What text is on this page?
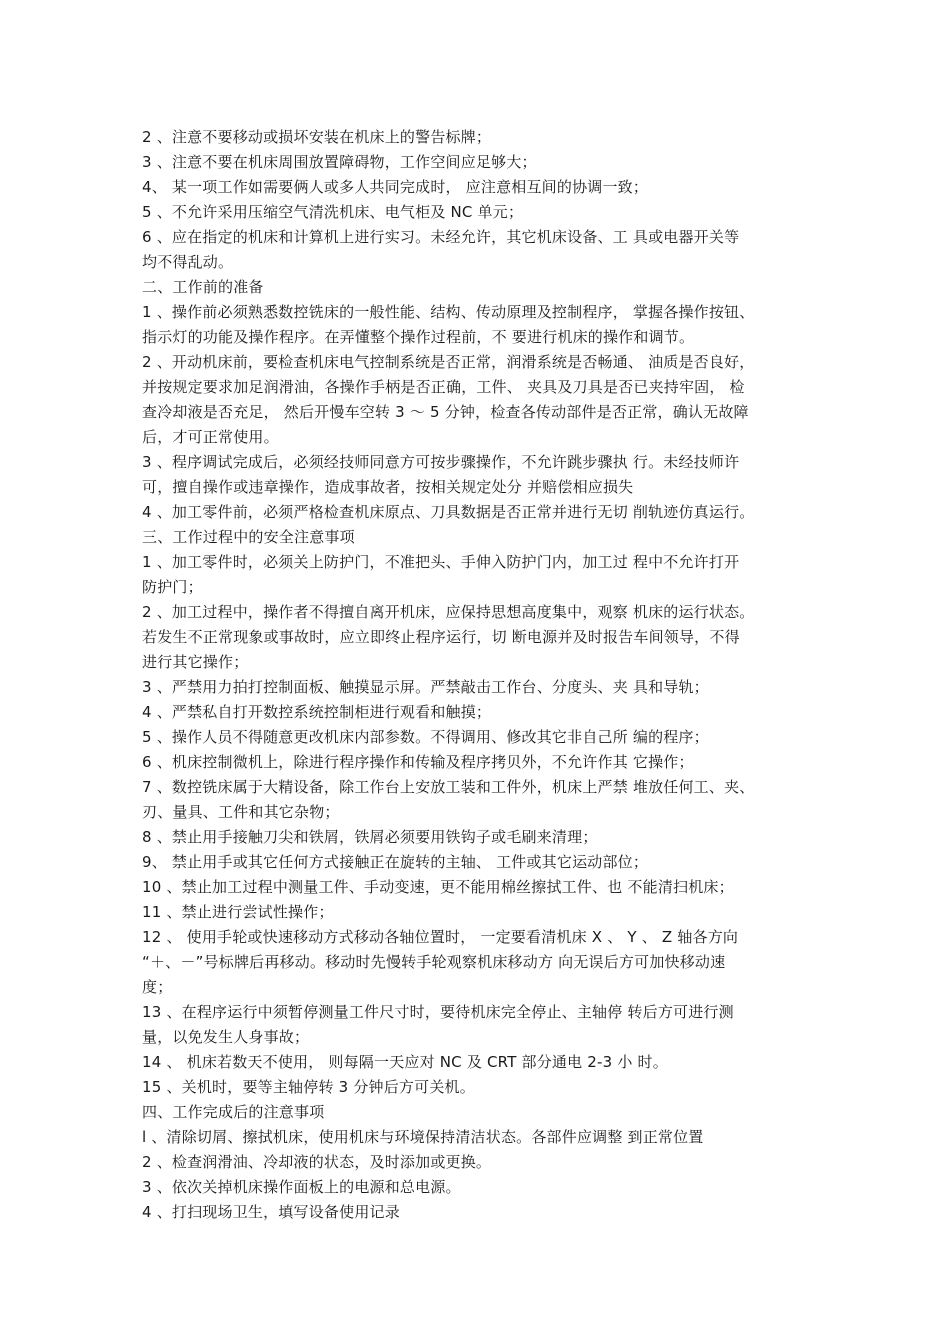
2 、注意不要移动或损坏安装在机床上的警告标牌；

3 、注意不要在机床周围放置障碍物，工作空间应足够大；

4、 某一项工作如需要俩人或多人共同完成时， 应注意相互间的协调一致；

5 、不允许采用压缩空气清洗机床、电气柜及 NC 单元；

6 、应在指定的机床和计算机上进行实习。未经允许，其它机床设备、工 具或电器开关等

均不得乱动。

二、工作前的准备

1 、操作前必须熟悉数控铣床的一般性能、结构、传动原理及控制程序， 掌握各操作按钮、

指示灯的功能及操作程序。在弄懂整个操作过程前，不 要进行机床的操作和调节。

2 、开动机床前，要检查机床电气控制系统是否正常，润滑系统是否畅通、 油质是否良好，

并按规定要求加足润滑油，各操作手柄是否正确，工件、 夹具及刀具是否已夹持牢固， 检

查冷却液是否充足， 然后开慢车空转 3 ～ 5 分钟，检查各传动部件是否正常，确认无故障

后，才可正常使用。

3 、程序调试完成后，必须经技师同意方可按步骤操作，不允许跳步骤执 行。未经技师许

可，擅自操作或违章操作，造成事故者，按相关规定处分 并赔偿相应损失

4 、加工零件前，必须严格检查机床原点、刀具数据是否正常并进行无切 削轨迹仿真运行。

三、工作过程中的安全注意事项

1 、加工零件时，必须关上防护门，不准把头、手伸入防护门内，加工过 程中不允许打开

防护门；

2 、加工过程中，操作者不得擅自离开机床，应保持思想高度集中，观察 机床的运行状态。

若发生不正常现象或事故时，应立即终止程序运行，切 断电源并及时报告车间领导，不得

进行其它操作；

3 、严禁用力拍打控制面板、触摸显示屏。严禁敲击工作台、分度头、夹 具和导轨；

4 、严禁私自打开数控系统控制柜进行观看和触摸；

5 、操作人员不得随意更改机床内部参数。不得调用、修改其它非自己所 编的程序；

6 、机床控制微机上，除进行程序操作和传输及程序拷贝外，不允许作其 它操作；

7 、数控铣床属于大精设备，除工作台上安放工装和工件外，机床上严禁 堆放任何工、夹、

刃、量具、工件和其它杂物；

8 、禁止用手接触刀尖和铁屑，铁屑必须要用铁钩子或毛刷来清理；

9、 禁止用手或其它任何方式接触正在旋转的主轴、 工件或其它运动部位；

10 、禁止加工过程中测量工件、手动变速，更不能用棉丝擦拭工件、也 不能清扫机床；

11 、禁止进行尝试性操作；

12 、 使用手轮或快速移动方式移动各轴位置时， 一定要看清机床 X 、 Y 、 Z 轴各方向

“＋、－”号标牌后再移动。移动时先慢转手轮观察机床移动方 向无误后方可加快移动速

度；

13 、在程序运行中须暂停测量工件尺寸时，要待机床完全停止、主轴停 转后方可进行测

量，以免发生人身事故；

14 、 机床若数天不使用， 则每隔一天应对 NC 及 CRT 部分通电 2-3 小 时。

15 、关机时，要等主轴停转 3 分钟后方可关机。

四、工作完成后的注意事项

l 、清除切屑、擦拭机床，使用机床与环境保持清洁状态。各部件应调整 到正常位置

2 、检查润滑油、冷却液的状态，及时添加或更换。

3 、依次关掉机床操作面板上的电源和总电源。

4 、打扫现场卫生，填写设备使用记录
